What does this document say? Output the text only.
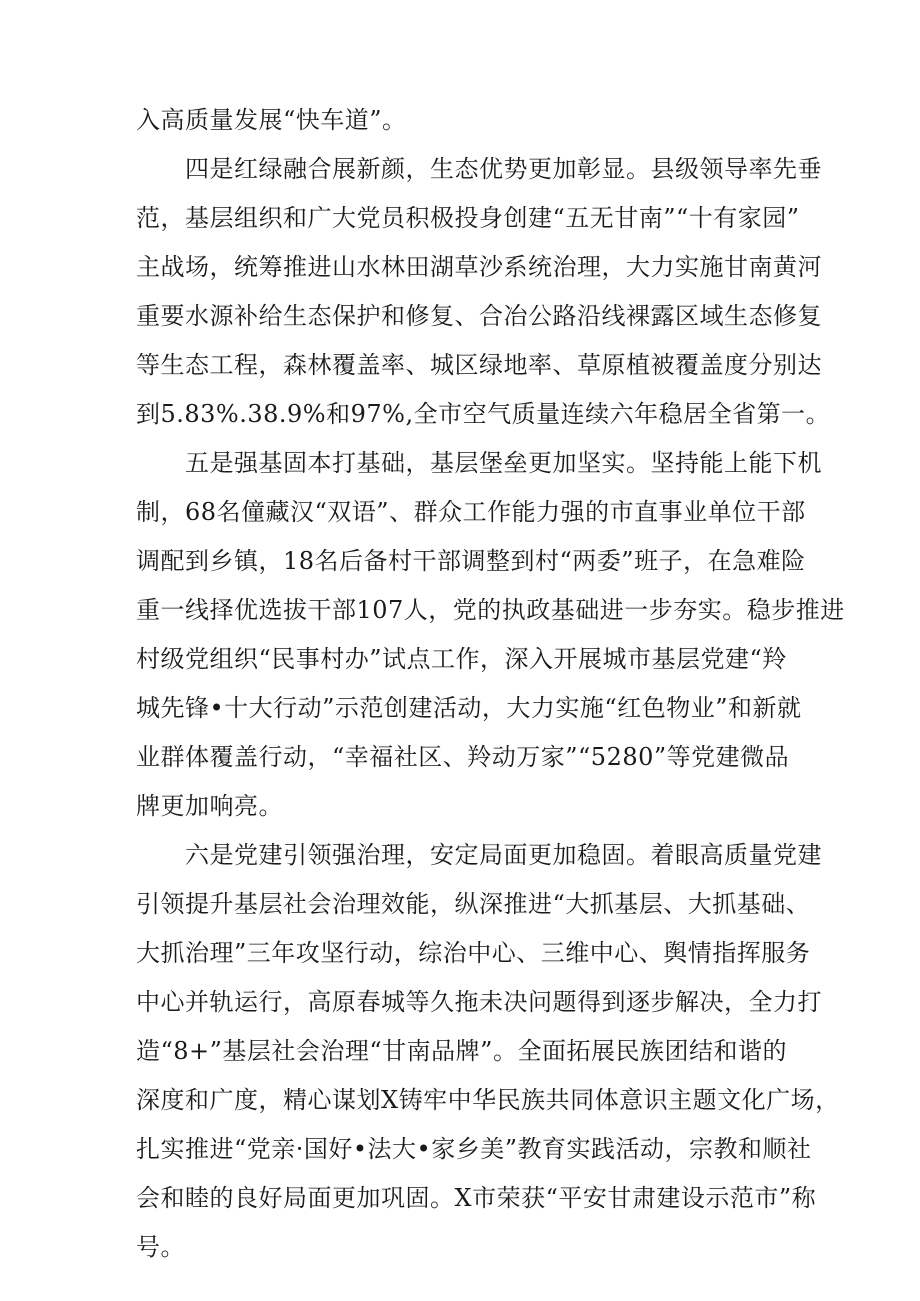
入高质量发展“快车道”。
四是红绿融合展新颜，生态优势更加彰显。县级领导率先垂
范，基层组织和广大党员积极投身创建“五无甘南”“十有家园”
主战场，统筹推进山水林田湖草沙系统治理，大力实施甘南黄河
重要水源补给生态保护和修复、合冶公路沿线裸露区域生态修复
等生态工程，森林覆盖率、城区绿地率、草原植被覆盖度分别达
到5.83%.38.9%和97%,全市空气质量连续六年稳居全省第一。
五是强基固本打基础，基层堡垒更加坚实。坚持能上能下机
制，68名僮藏汉“双语”、群众工作能力强的市直事业单位干部
调配到乡镇，18名后备村干部调整到村“两委”班子，在急难险
重一线择优选拔干部107人，党的执政基础进一步夯实。稳步推进
村级党组织“民事村办”试点工作，深入开展城市基层党建“羚
城先锋•十大行动”示范创建活动，大力实施“红色物业”和新就
业群体覆盖行动，“幸福社区、羚动万家”“5280”等党建微品
牌更加响亮。
六是党建引领强治理，安定局面更加稳固。着眼高质量党建
引领提升基层社会治理效能，纵深推进“大抓基层、大抓基础、
大抓治理”三年攻坚行动，综治中心、三维中心、舆情指挥服务
中心并轨运行，高原春城等久拖未决问题得到逐步解决，全力打
造“8+”基层社会治理“甘南品牌”。全面拓展民族团结和谐的
深度和广度，精心谋划X铸牢中华民族共同体意识主题文化广场，
扎实推进“党亲·国好•法大•家乡美”教育实践活动，宗教和顺社
会和睦的良好局面更加巩固。X市荣获“平安甘肃建设示范市”称
号。
